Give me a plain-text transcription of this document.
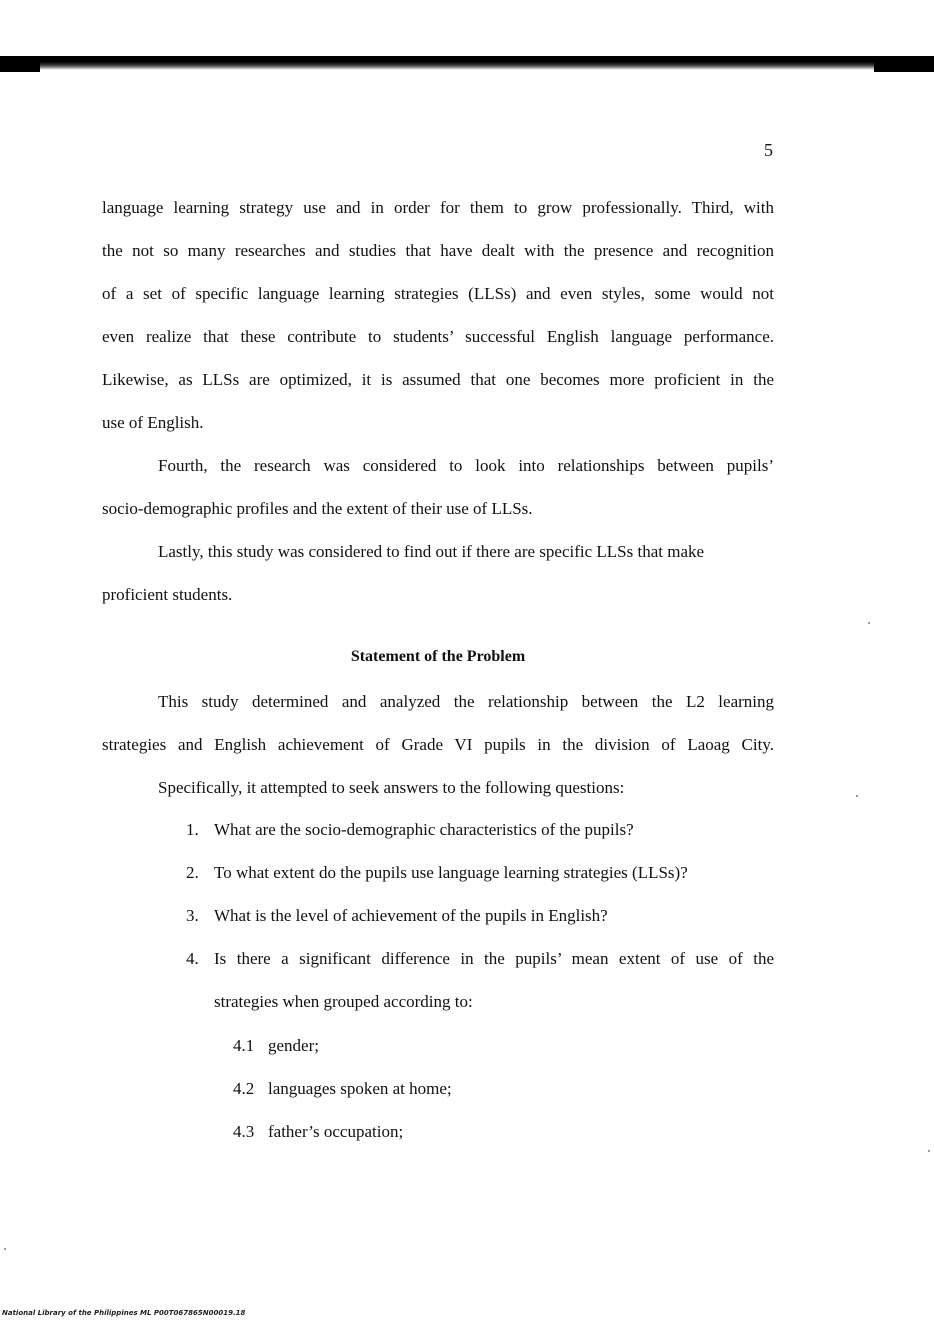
5
language learning strategy use and in order for them to grow professionally. Third, with
the not so many researches and studies that have dealt with the presence and recognition
of a set of specific language learning strategies (LLSs) and even styles, some would not
even realize that these contribute to students’ successful English language performance.
Likewise, as LLSs are optimized, it is assumed that one becomes more proficient in the
use of English.
Fourth, the research was considered to look into relationships between pupils’
socio-demographic profiles and the extent of their use of LLSs.
Lastly, this study was considered to find out if there are specific LLSs that make
proficient students.
Statement of the Problem
This study determined and analyzed the relationship between the L2 learning
strategies and English achievement of Grade VI pupils in the division of Laoag City.
Specifically, it attempted to seek answers to the following questions:
1. What are the socio-demographic characteristics of the pupils?
2. To what extent do the pupils use language learning strategies (LLSs)?
3. What is the level of achievement of the pupils in English?
4. Is there a significant difference in the pupils’ mean extent of use of the
strategies when grouped according to:
4.1 gender;
4.2 languages spoken at home;
4.3 father’s occupation;
National Library of the Philippines ML P00T067865N00019.18
